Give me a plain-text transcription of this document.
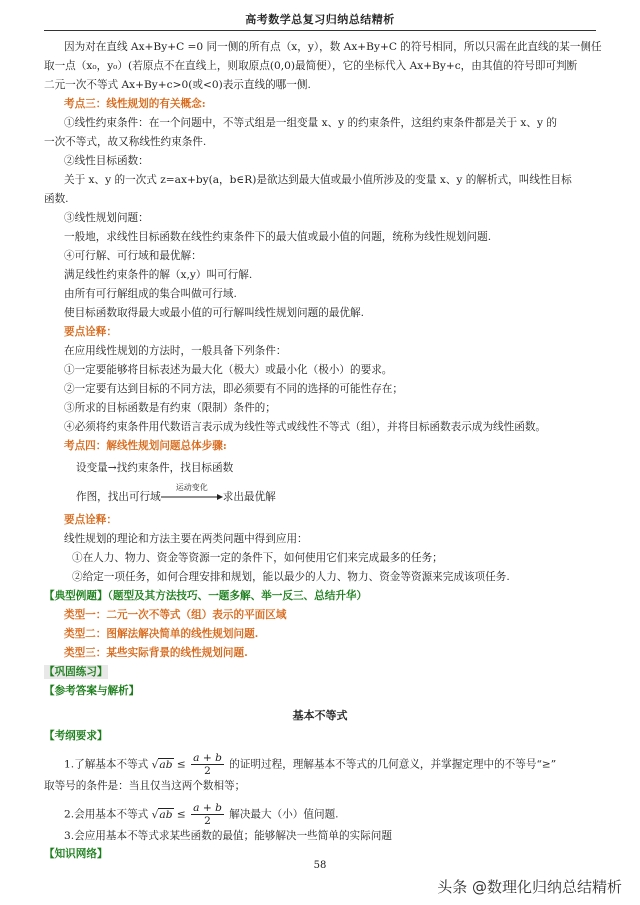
高考数学总复习归纳总结精析
因为对在直线 Ax+By+C =0 同一侧的所有点（x，y），数 Ax+By+C 的符号相同，所以只需在此直线的某一侧任
取一点（x₀，y₀）(若原点不在直线上，则取原点(0,0)最简便），它的坐标代入 Ax+By+c，由其值的符号即可判断
二元一次不等式 Ax+By+c>0(或<0)表示直线的哪一侧.
考点三：线性规划的有关概念:
①线性约束条件：在一个问题中，不等式组是一组变量 x、y 的约束条件，这组约束条件都是关于 x、y 的
一次不等式，故又称线性约束条件.
②线性目标函数：
关于 x、y 的一次式 z=ax+by(a，b∈R)是欲达到最大值或最小值所涉及的变量 x、y 的解析式，叫线性目标
函数.
③线性规划问题：
一般地，求线性目标函数在线性约束条件下的最大值或最小值的问题，统称为线性规划问题.
④可行解、可行域和最优解：
满足线性约束条件的解（x,y）叫可行解.
由所有可行解组成的集合叫做可行域.
使目标函数取得最大或最小值的可行解叫线性规划问题的最优解.
要点诠释：
在应用线性规划的方法时，一般具备下列条件：
①一定要能够将目标表述为最大化（极大）或最小化（极小）的要求。
②一定要有达到目标的不同方法，即必须要有不同的选择的可能性存在；
③所求的目标函数是有约束（限制）条件的；
④必须将约束条件用代数语言表示成为线性等式或线性不等式（组），并将目标函数表示成为线性函数。
考点四：解线性规划问题总体步骤:
设变量→找约束条件，找目标函数
作图，找出可行域
运动变化
求出最优解
要点诠释：
线性规划的理论和方法主要在两类问题中得到应用：
①在人力、物力、资金等资源一定的条件下，如何使用它们来完成最多的任务；
②给定一项任务，如何合理安排和规划，能以最少的人力、物力、资金等资源来完成该项任务.
【典型例题】（题型及其方法技巧、一题多解、举一反三、总结升华）
类型一：二元一次不等式（组）表示的平面区域
类型二：图解法解决简单的线性规划问题.
类型三：某些实际背景的线性规划问题.
【巩固练习】
【参考答案与解析】
基本不等式
【考纲要求】
1.了解基本不等式 $√ab \le \frac{a + b}{2}$ 的证明过程，理解基本不等式的几何意义，并掌握定理中的不等号“≥”
取等号的条件是：当且仅当这两个数相等；
2.会用基本不等式 $√ab \le \frac{a + b}{2}$ 解决最大（小）值问题.
3.会应用基本不等式求某些函数的最值；能够解决一些简单的实际问题
【知识网络】
58
头条 @数理化归纳总结精析
